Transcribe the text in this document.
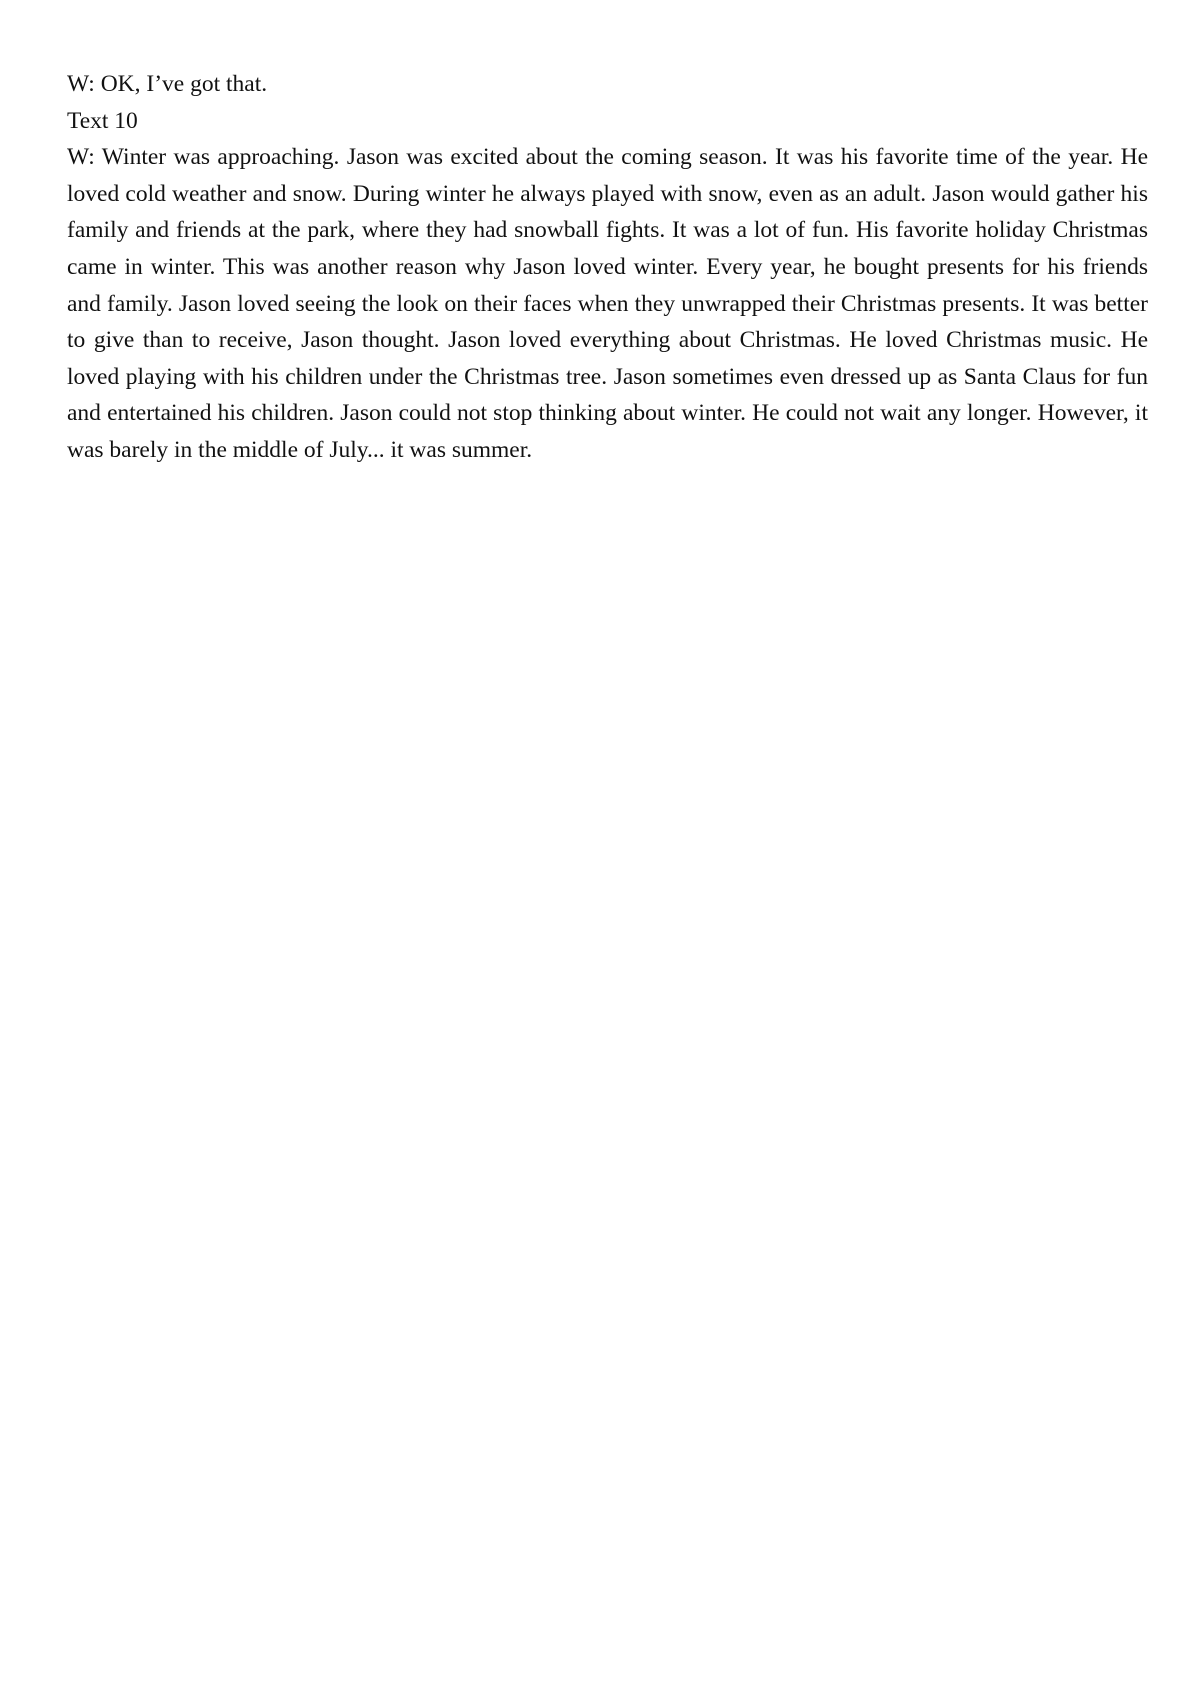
W: OK, I’ve got that.

Text 10

W: Winter was approaching. Jason was excited about the coming season. It was his favorite time of the year. He loved cold weather and snow. During winter he always played with snow, even as an adult. Jason would gather his family and friends at the park, where they had snowball fights. It was a lot of fun. His favorite holiday Christmas came in winter. This was another reason why Jason loved winter. Every year, he bought presents for his friends and family. Jason loved seeing the look on their faces when they unwrapped their Christmas presents. It was better to give than to receive, Jason thought. Jason loved everything about Christmas. He loved Christmas music. He loved playing with his children under the Christmas tree. Jason sometimes even dressed up as Santa Claus for fun and entertained his children. Jason could not stop thinking about winter. He could not wait any longer. However, it was barely in the middle of July... it was summer.
